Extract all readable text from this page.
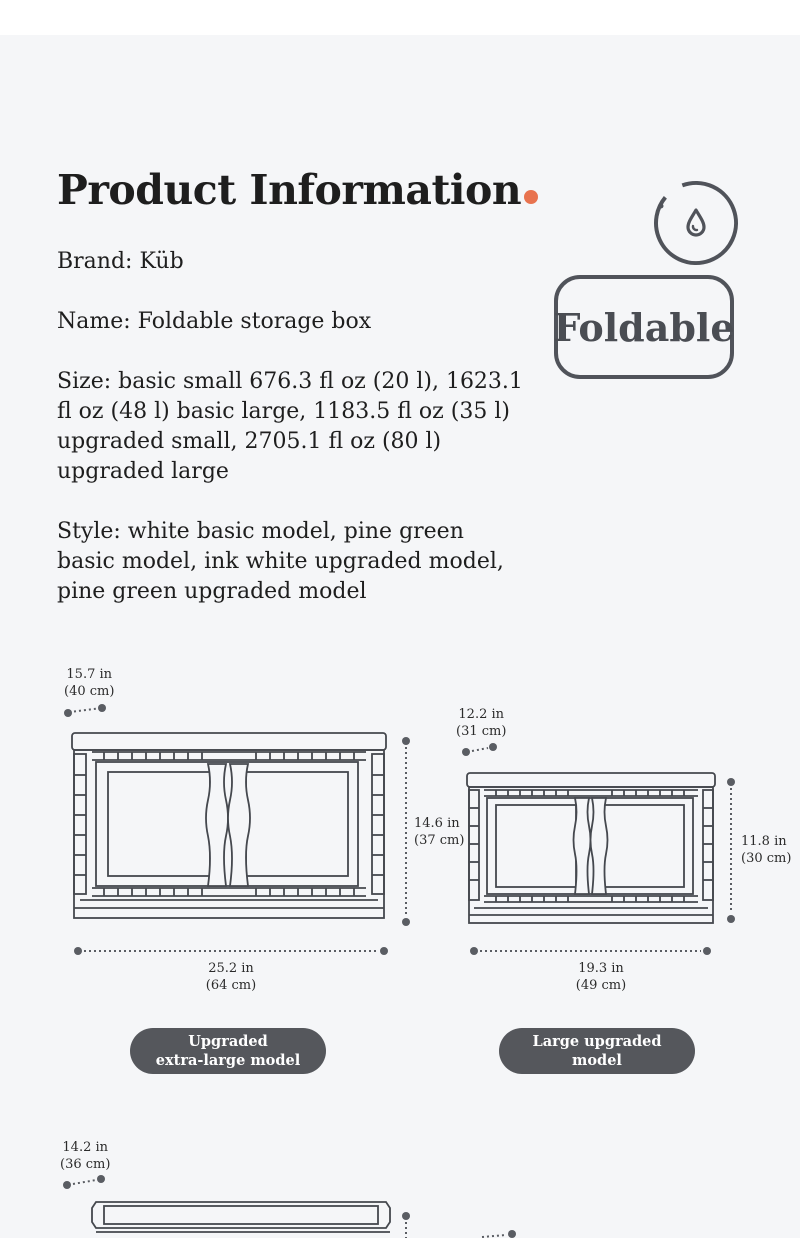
Product Information

Brand: Küb

Name: Foldable storage box

Size: basic small 676.3 fl oz (20 l), 1623.1 fl oz (48 l) basic large, 1183.5 fl oz (35 l) upgraded small, 2705.1 fl oz (80 l) upgraded large

Style: white basic model, pine green basic model, ink white upgraded model, pine green upgraded model

Foldable
15.7 in
(40 cm)
14.6 in
(37 cm)
25.2 in
(64 cm)
Upgraded
extra-large model
12.2 in
(31 cm)
11.8 in
(30 cm)
19.3 in
(49 cm)
Large upgraded
model
14.2 in
(36 cm)
